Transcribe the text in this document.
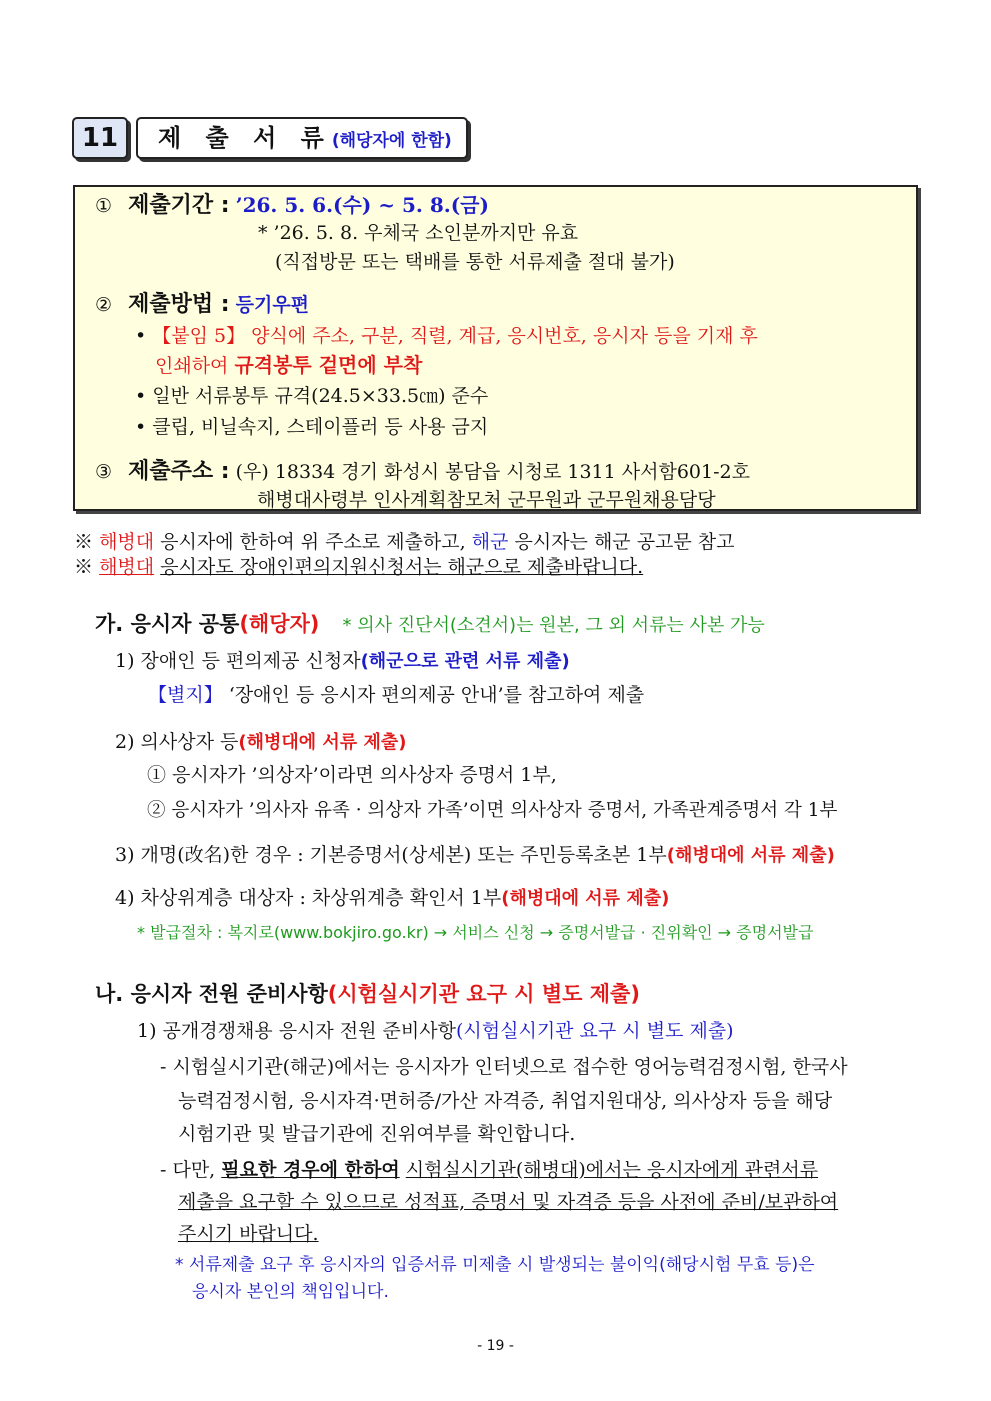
11	제 출 서 류(해당자에 한함)
① 제출기간 : ’26. 5. 6.(수) ~ 5. 8.(금)
* ’26. 5. 8. 우체국 소인분까지만 유효
(직접방문 또는 택배를 통한 서류제출 절대 불가)
② 제출방법 : 등기우편
• 【붙임 5】 양식에 주소, 구분, 직렬, 계급, 응시번호, 응시자 등을 기재 후
인쇄하여 규격봉투 겉면에 부착
• 일반 서류봉투 규격(24.5×33.5㎝) 준수
• 클립, 비닐속지, 스테이플러 등 사용 금지
③ 제출주소 : (우) 18334 경기 화성시 봉담읍 시청로 1311 사서함601-2호
해병대사령부 인사계획참모처 군무원과 군무원채용담당
※ 해병대 응시자에 한하여 위 주소로 제출하고, 해군 응시자는 해군 공고문 참고
※ 해병대 응시자도 장애인편의지원신청서는 해군으로 제출바랍니다.
가. 응시자 공통(해당자) * 의사 진단서(소견서)는 원본, 그 외 서류는 사본 가능
1) 장애인 등 편의제공 신청자(해군으로 관련 서류 제출)
【별지】 ‘장애인 등 응시자 편의제공 안내’를 참고하여 제출
2) 의사상자 등(해병대에 서류 제출)
① 응시자가 ’의상자’이라면 의사상자 증명서 1부,
② 응시자가 ’의사자 유족 · 의상자 가족’이면 의사상자 증명서, 가족관계증명서 각 1부
3) 개명(改名)한 경우 : 기본증명서(상세본) 또는 주민등록초본 1부(해병대에 서류 제출)
4) 차상위계층 대상자 : 차상위계층 확인서 1부(해병대에 서류 제출)
* 발급절차 : 복지로(www.bokjiro.go.kr) → 서비스 신청 → 증명서발급 · 진위확인 → 증명서발급
나. 응시자 전원 준비사항(시험실시기관 요구 시 별도 제출)
1) 공개경쟁채용 응시자 전원 준비사항(시험실시기관 요구 시 별도 제출)
- 시험실시기관(해군)에서는 응시자가 인터넷으로 접수한 영어능력검정시험, 한국사
능력검정시험, 응시자격·면허증/가산 자격증, 취업지원대상, 의사상자 등을 해당
시험기관 및 발급기관에 진위여부를 확인합니다.
- 다만, 필요한 경우에 한하여 시험실시기관(해병대)에서는 응시자에게 관련서류
제출을 요구할 수 있으므로 성적표, 증명서 및 자격증 등을 사전에 준비/보관하여
주시기 바랍니다.
* 서류제출 요구 후 응시자의 입증서류 미제출 시 발생되는 불이익(해당시험 무효 등)은
응시자 본인의 책임입니다.
- 19 -
